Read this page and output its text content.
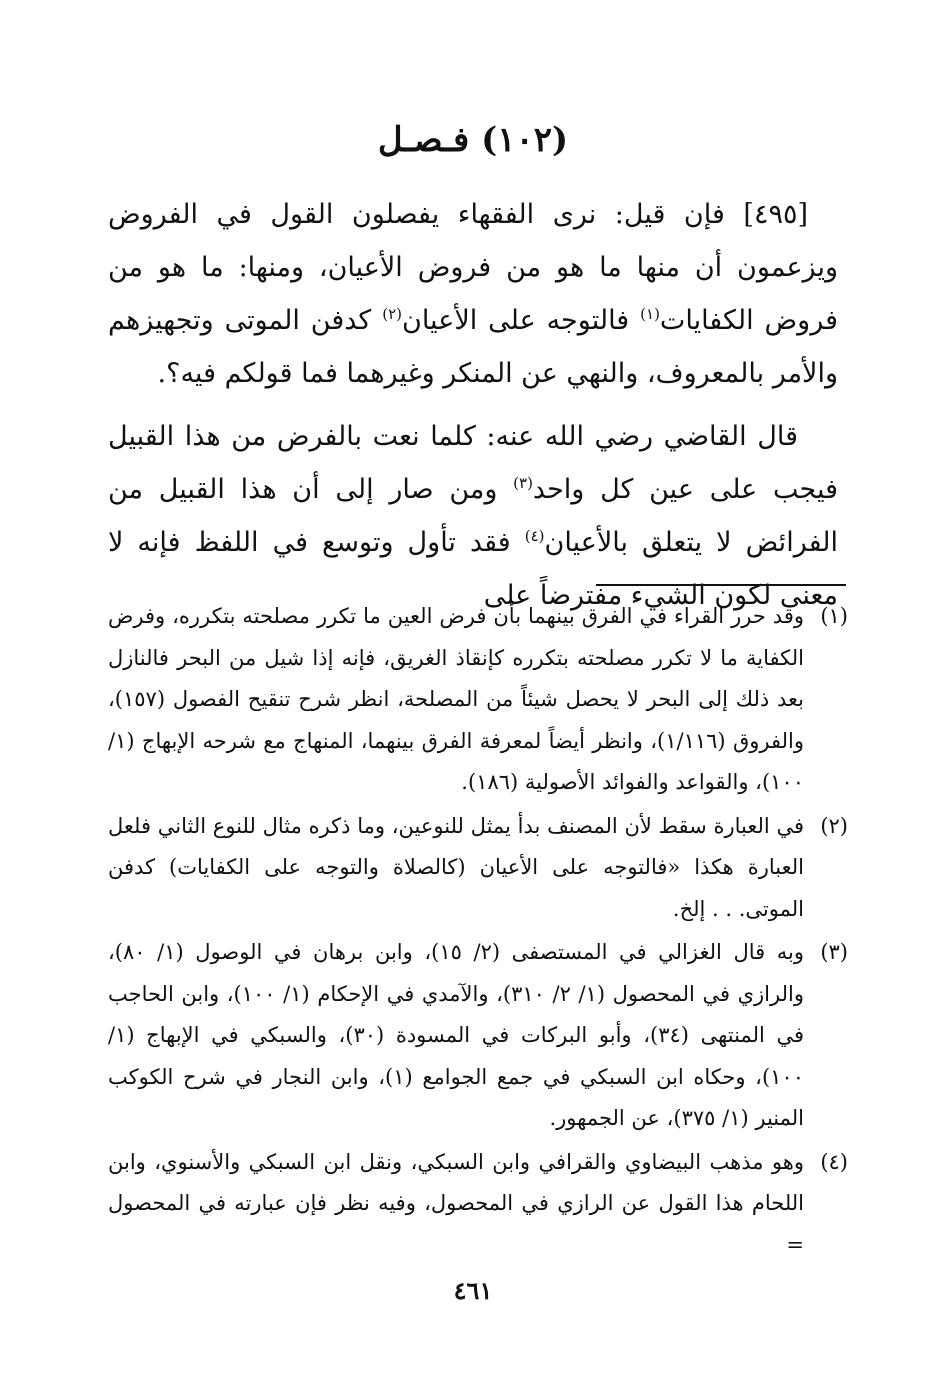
(١٠٢) فـصـل

[٤٩٥] فإن قيل: نرى الفقهاء يفصلون القول في الفروض ويزعمون أن منها ما هو من فروض الأعيان، ومنها: ما هو من فروض الكفايات$^{(١)}$ فالتوجه على الأعيان$^{(٢)}$ كدفن الموتى وتجهيزهم والأمر بالمعروف، والنهي عن المنكر وغيرهما فما قولكم فيه؟.

قال القاضي رضي الله عنه: كلما نعت بالفرض من هذا القبيل فيجب على عين كل واحد$^{(٣)}$ ومن صار إلى أن هذا القبيل من الفرائض لا يتعلق بالأعيان$^{(٤)}$ فقد تأول وتوسع في اللفظ فإنه لا معنى لكون الشيء مفترضاً على

(١)
وقد حرر القراء في الفرق بينهما بأن فرض العين ما تكرر مصلحته بتكرره، وفرض الكفاية ما لا تكرر مصلحته بتكرره كإنقاذ الغريق، فإنه إذا شيل من البحر فالنازل بعد ذلك إلى البحر لا يحصل شيئاً من المصلحة، انظر شرح تنقيح الفصول (١٥٧)، والفروق (١/١١٦)، وانظر أيضاً لمعرفة الفرق بينهما، المنهاج مع شرحه الإبهاج (١/ ١٠٠)، والقواعد والفوائد الأصولية (١٨٦).
(٢)
في العبارة سقط لأن المصنف بدأ يمثل للنوعين، وما ذكره مثال للنوع الثاني فلعل العبارة هكذا «فالتوجه على الأعيان (كالصلاة والتوجه على الكفايات) كدفن الموتى. . . إلخ.
(٣)
وبه قال الغزالي في المستصفى (٢/ ١٥)، وابن برهان في الوصول (١/ ٨٠)، والرازي في المحصول (١/ ٢/ ٣١٠)، والآمدي في الإحكام (١/ ١٠٠)، وابن الحاجب في المنتهى (٣٤)، وأبو البركات في المسودة (٣٠)، والسبكي في الإبهاج (١/ ١٠٠)، وحكاه ابن السبكي في جمع الجوامع (١)، وابن النجار في شرح الكوكب المنير (١/ ٣٧٥)، عن الجمهور.
(٤)
وهو مذهب البيضاوي والقرافي وابن السبكي، ونقل ابن السبكي والأسنوي، وابن اللحام هذا القول عن الرازي في المحصول، وفيه نظر فإن عبارته في المحصول =
٤٦١
